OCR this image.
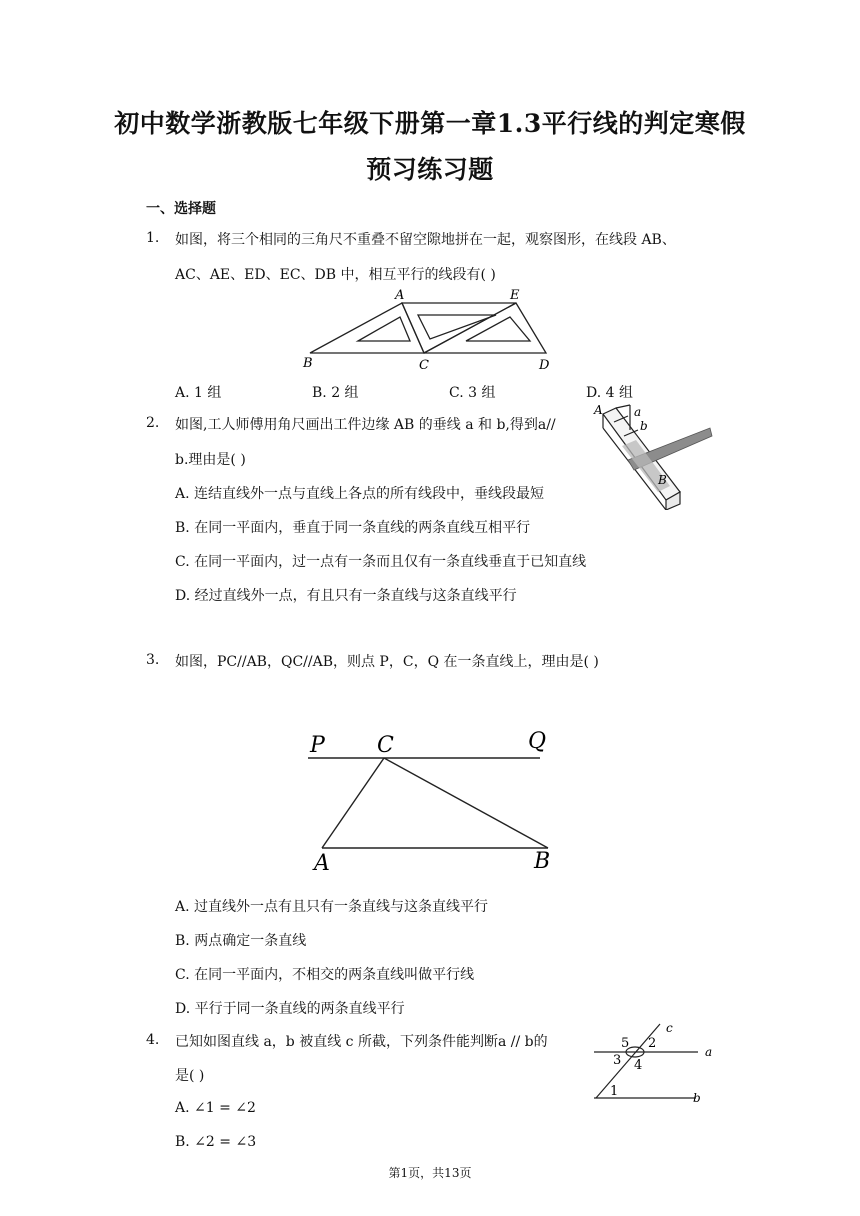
初中数学浙教版七年级下册第一章1.3平行线的判定寒假
预习练习题
一、选择题
1. 如图，将三个相同的三角尺不重叠不留空隙地拼在一起，观察图形，在线段 AB、
AC、AE、ED、EC、DB 中，相互平行的线段有( )
A	E
B	C	D
A. 1 组	B. 2 组	C. 3 组	D. 4 组
2. 如图,工人师傅用角尺画出工件边缘 AB 的垂线 a 和 b,得到a//
b.理由是( )
A	a
b
B
A. 连结直线外一点与直线上各点的所有线段中，垂线段最短
B. 在同一平面内，垂直于同一条直线的两条直线互相平行
C. 在同一平面内，过一点有一条而且仅有一条直线垂直于已知直线
D. 经过直线外一点，有且只有一条直线与这条直线平行
3. 如图，PC//AB，QC//AB，则点 P，C，Q 在一条直线上，理由是( )
P C	Q
A	B
A. 过直线外一点有且只有一条直线与这条直线平行
B. 两点确定一条直线
C. 在同一平面内，不相交的两条直线叫做平行线
D. 平行于同一条直线的两条直线平行
4. 已知如图直线 a，b 被直线 c 所截，下列条件能判断a // b的
是( )
c
a
b
5 2
3 4
1
A. ∠1 = ∠2
B. ∠2 = ∠3
第1页，共13页
